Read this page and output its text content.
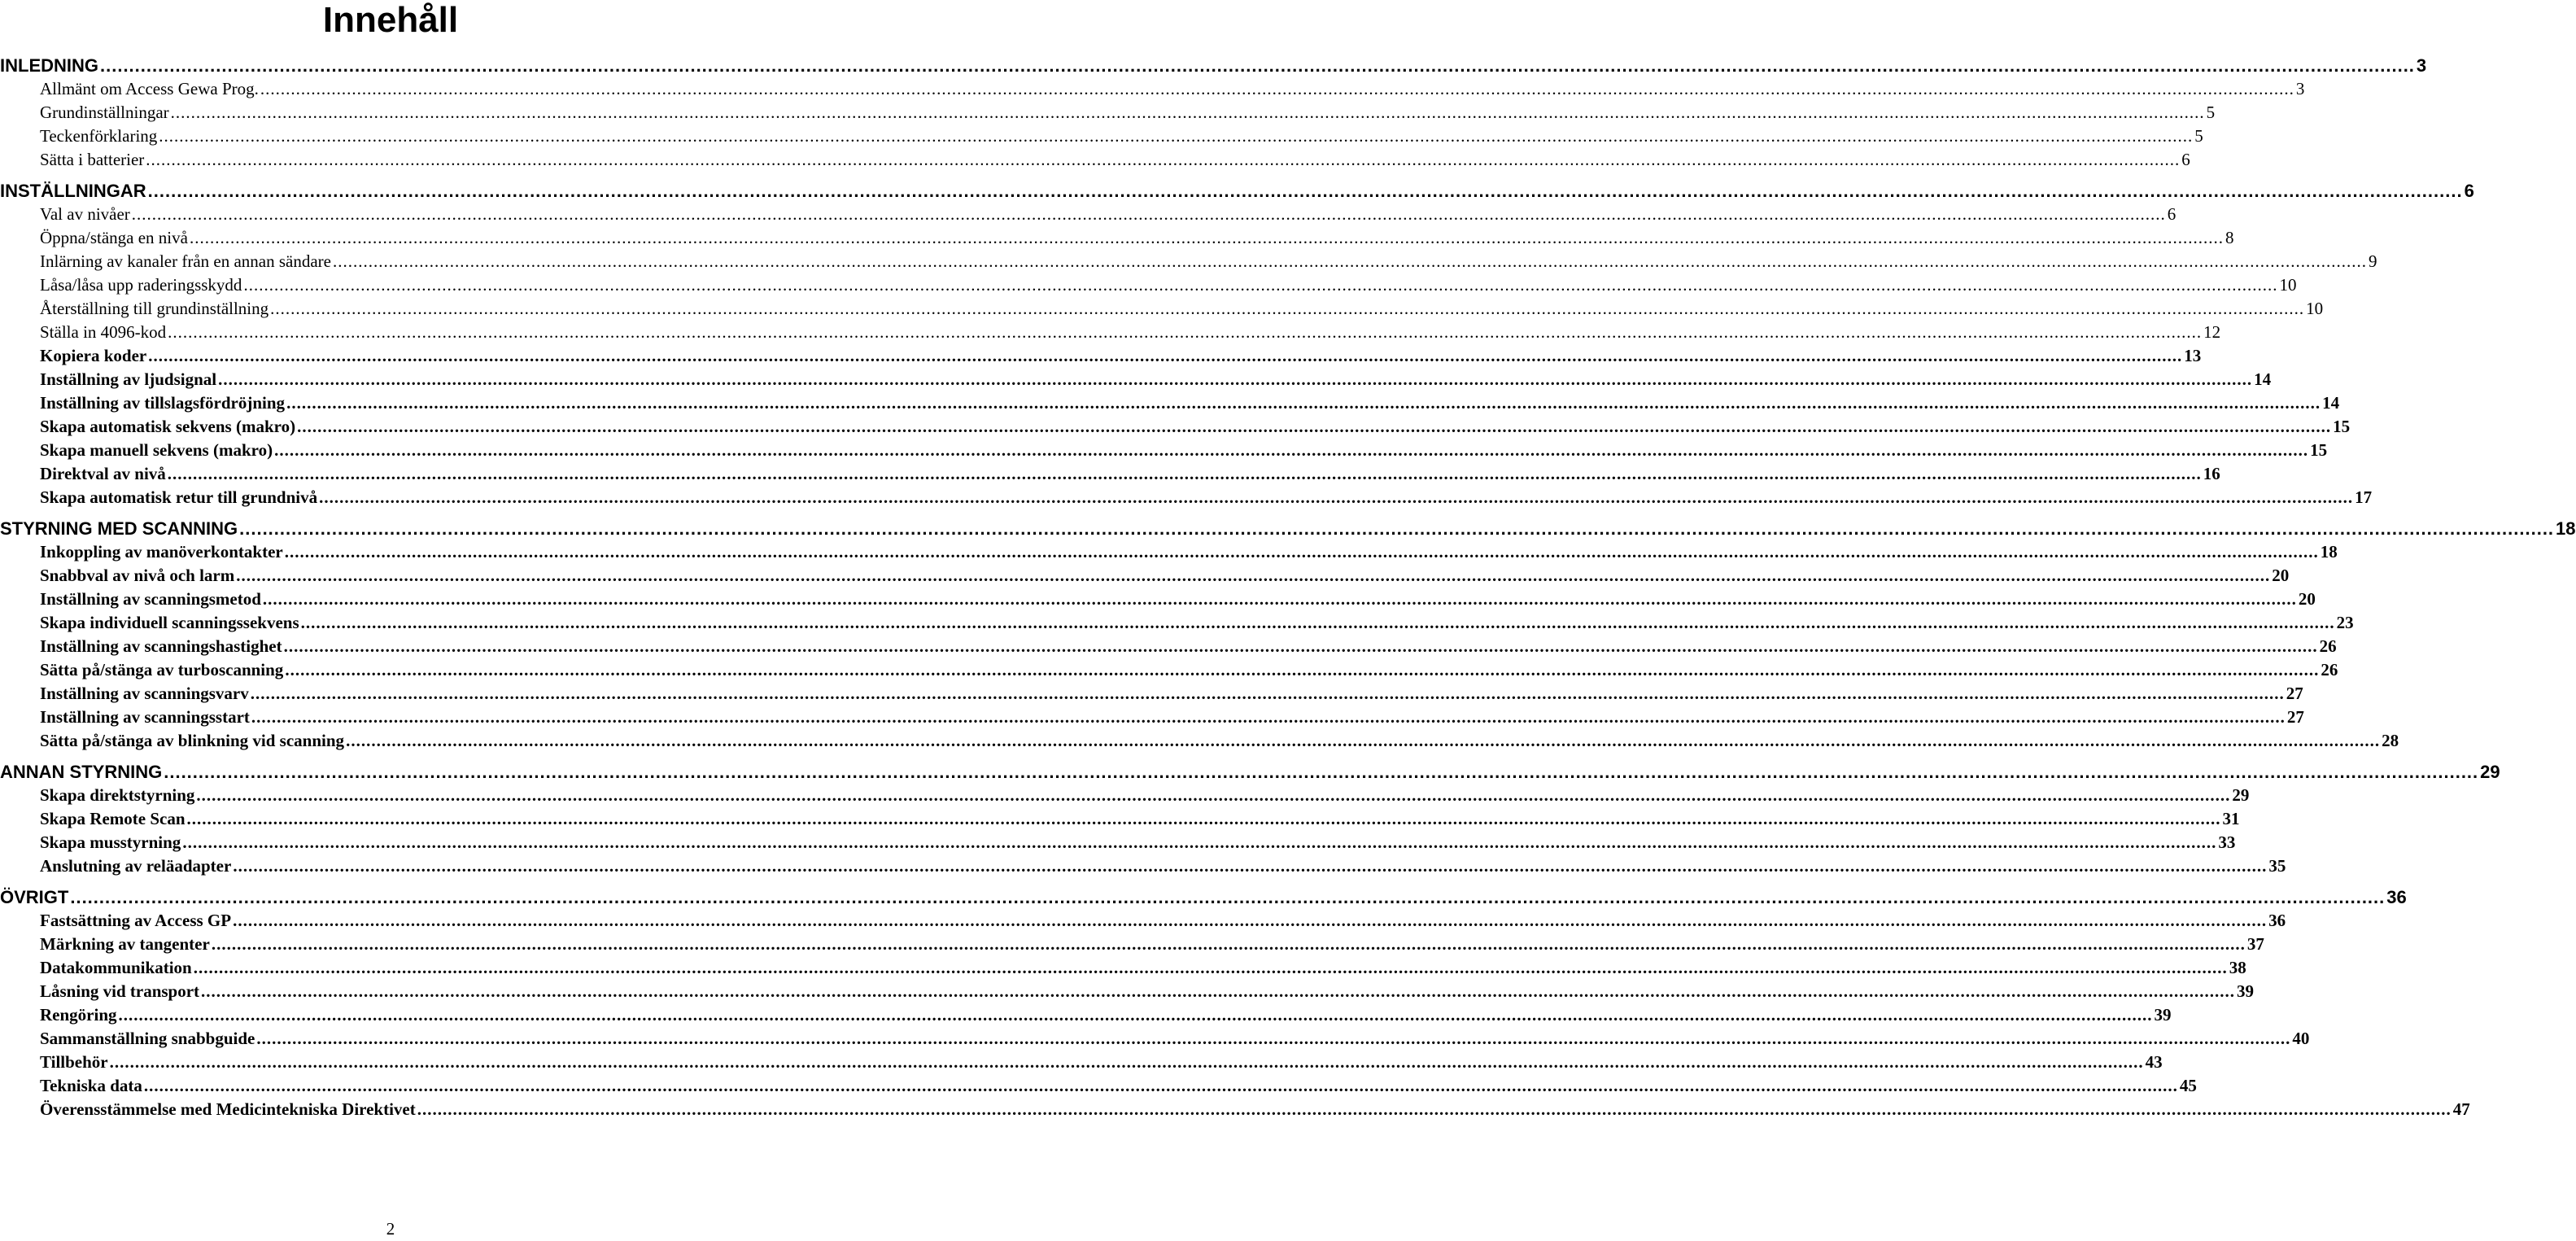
Innehåll
INLEDNING ................................................................................................................................................................................................................................................................................................................................................................................................................ 3
Allmänt om Access Gewa Prog. ................................................................................................................................................................................................................................................................................................................................................................................................................ 3
Grundinställningar ................................................................................................................................................................................................................................................................................................................................................................................................................ 5
Teckenförklaring ................................................................................................................................................................................................................................................................................................................................................................................................................ 5
Sätta i batterier ................................................................................................................................................................................................................................................................................................................................................................................................................ 6
INSTÄLLNINGAR ................................................................................................................................................................................................................................................................................................................................................................................................................ 6
Val av nivåer ................................................................................................................................................................................................................................................................................................................................................................................................................ 6
Öppna/stänga en nivå ................................................................................................................................................................................................................................................................................................................................................................................................................ 8
Inlärning av kanaler från en annan sändare ................................................................................................................................................................................................................................................................................................................................................................................................................ 9
Låsa/låsa upp raderingsskydd ................................................................................................................................................................................................................................................................................................................................................................................................................ 10
Återställning till grundinställning ................................................................................................................................................................................................................................................................................................................................................................................................................ 10
Ställa in 4096-kod ................................................................................................................................................................................................................................................................................................................................................................................................................ 12
Kopiera koder ................................................................................................................................................................................................................................................................................................................................................................................................................ 13
Inställning av ljudsignal ................................................................................................................................................................................................................................................................................................................................................................................................................ 14
Inställning av tillslagsfördröjning ................................................................................................................................................................................................................................................................................................................................................................................................................ 14
Skapa automatisk sekvens (makro) ................................................................................................................................................................................................................................................................................................................................................................................................................ 15
Skapa manuell sekvens (makro) ................................................................................................................................................................................................................................................................................................................................................................................................................ 15
Direktval av nivå ................................................................................................................................................................................................................................................................................................................................................................................................................ 16
Skapa automatisk retur till grundnivå ................................................................................................................................................................................................................................................................................................................................................................................................................ 17
STYRNING MED SCANNING ................................................................................................................................................................................................................................................................................................................................................................................................................ 18
Inkoppling av manöverkontakter ................................................................................................................................................................................................................................................................................................................................................................................................................ 18
Snabbval av nivå och larm ................................................................................................................................................................................................................................................................................................................................................................................................................ 20
Inställning av scanningsmetod ................................................................................................................................................................................................................................................................................................................................................................................................................ 20
Skapa individuell scanningssekvens ................................................................................................................................................................................................................................................................................................................................................................................................................ 23
Inställning av scanningshastighet ................................................................................................................................................................................................................................................................................................................................................................................................................ 26
Sätta på/stänga av turboscanning ................................................................................................................................................................................................................................................................................................................................................................................................................ 26
Inställning av scanningsvarv ................................................................................................................................................................................................................................................................................................................................................................................................................ 27
Inställning av scanningsstart ................................................................................................................................................................................................................................................................................................................................................................................................................ 27
Sätta på/stänga av blinkning vid scanning ................................................................................................................................................................................................................................................................................................................................................................................................................ 28
ANNAN STYRNING ................................................................................................................................................................................................................................................................................................................................................................................................................ 29
Skapa direktstyrning ................................................................................................................................................................................................................................................................................................................................................................................................................ 29
Skapa Remote Scan ................................................................................................................................................................................................................................................................................................................................................................................................................ 31
Skapa musstyrning ................................................................................................................................................................................................................................................................................................................................................................................................................ 33
Anslutning av reläadapter ................................................................................................................................................................................................................................................................................................................................................................................................................ 35
ÖVRIGT ................................................................................................................................................................................................................................................................................................................................................................................................................ 36
Fastsättning av Access GP ................................................................................................................................................................................................................................................................................................................................................................................................................ 36
Märkning av tangenter ................................................................................................................................................................................................................................................................................................................................................................................................................ 37
Datakommunikation ................................................................................................................................................................................................................................................................................................................................................................................................................ 38
Låsning vid transport ................................................................................................................................................................................................................................................................................................................................................................................................................ 39
Rengöring ................................................................................................................................................................................................................................................................................................................................................................................................................ 39
Sammanställning snabbguide ................................................................................................................................................................................................................................................................................................................................................................................................................ 40
Tillbehör ................................................................................................................................................................................................................................................................................................................................................................................................................ 43
Tekniska data ................................................................................................................................................................................................................................................................................................................................................................................................................ 45
Överensstämmelse med Medicintekniska Direktivet ................................................................................................................................................................................................................................................................................................................................................................................................................ 47
2
